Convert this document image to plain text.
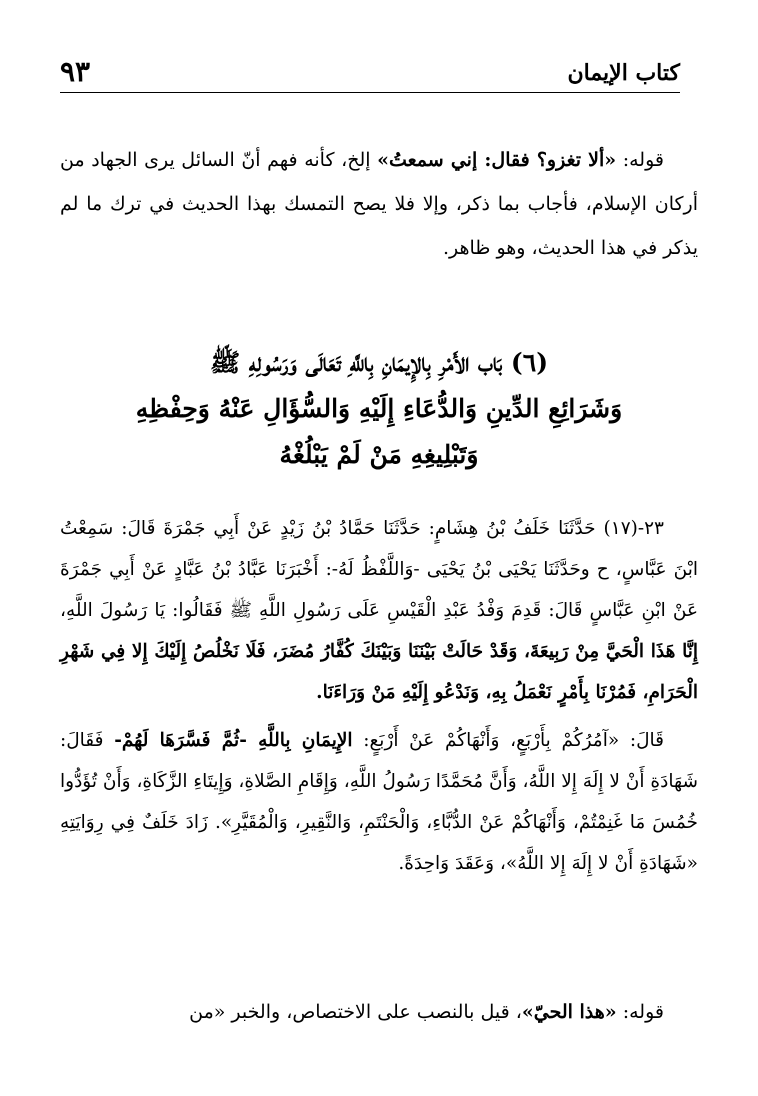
كتاب الإيمان
٩٣

قوله: «ألا تغزو؟ فقال: إني سمعتُ» إلخ، كأنه فهم أنّ السائل يرى الجهاد من أركان الإسلام، فأجاب بما ذكر، وإلا فلا يصح التمسك بهذا الحديث في ترك ما لم يذكر في هذا الحديث، وهو ظاهر.

(٦) بَاب الأَمْرِ بِالإِيمَانِ بِاللَّهِ تَعَالَى وَرَسُولِهِ ﷺ
وَشَرَائِعِ الدِّينِ وَالدُّعَاءِ إِلَيْهِ وَالسُّؤَالِ عَنْهُ وَحِفْظِهِ
وَتَبْلِيغِهِ مَنْ لَمْ يَبْلُغْهُ

٢٣-(١٧) حَدَّثَنَا خَلَفُ بْنُ هِشَامٍ: حَدَّثَنَا حَمَّادُ بْنُ زَيْدٍ عَنْ أَبِي جَمْرَةَ قَالَ: سَمِعْتُ ابْنَ عَبَّاسٍ، ح وحَدَّثَنَا يَحْيَى بْنُ يَحْيَى -وَاللَّفْظُ لَهُ-: أَخْبَرَنَا عَبَّادُ بْنُ عَبَّادٍ عَنْ أَبِي جَمْرَةَ عَنْ ابْنِ عَبَّاسٍ قَالَ: قَدِمَ وَفْدُ عَبْدِ الْقَيْسِ عَلَى رَسُولِ اللَّهِ ﷺ فَقَالُوا: يَا رَسُولَ اللَّهِ، إِنَّا هَذَا الْحَيَّ مِنْ رَبِيعَةَ، وَقَدْ حَالَتْ بَيْنَنَا وَبَيْنَكَ كُفَّارُ مُضَرَ، فَلَا نَخْلُصُ إِلَيْكَ إِلا فِي شَهْرِ الْحَرَامِ، فَمُرْنَا بِأَمْرٍ نَعْمَلُ بِهِ، وَنَدْعُو إِلَيْهِ مَنْ وَرَاءَنَا.

قَالَ: «آمُرُكُمْ بِأَرْبَعٍ، وَأَنْهَاكُمْ عَنْ أَرْبَعٍ: الإِيمَانِ بِاللَّهِ -ثُمَّ فَسَّرَهَا لَهُمْ- فَقَالَ: شَهَادَةِ أَنْ لا إِلَهَ إِلا اللَّهُ، وَأَنَّ مُحَمَّدًا رَسُولُ اللَّهِ، وَإِقَامِ الصَّلاةِ، وَإِيتَاءِ الزَّكَاةِ، وَأَنْ تُؤَدُّوا خُمُسَ مَا غَنِمْتُمْ، وَأَنْهَاكُمْ عَنْ الدُّبَّاءِ، وَالْحَنْتَمِ، وَالنَّقِيرِ، وَالْمُقَيَّرِ». زَادَ خَلَفٌ فِي رِوَايَتِهِ «شَهَادَةِ أَنْ لا إِلَهَ إِلا اللَّهُ»، وَعَقَدَ وَاحِدَةً.

قوله: «هذا الحيّ»، قيل بالنصب على الاختصاص، والخبر «من
